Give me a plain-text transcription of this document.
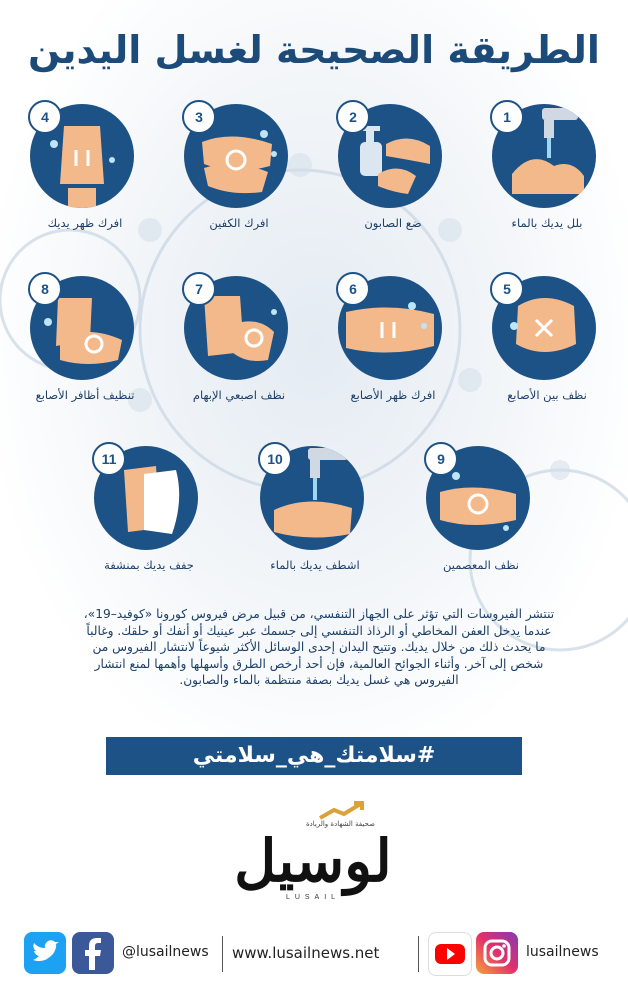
الطريقة الصحيحة لغسل اليدين
1
بلل يديك بالماء
2
ضع الصابون
3
افرك الكفين
4
افرك ظهر يديك
5
نظف بين الأصابع
6
افرك ظهر الأصابع
7
نظف اصبعي الإبهام
8
تنظيف أظافر الأصابع
9
نظف المعصمين
10
اشطف يديك بالماء
11
جفف يديك بمنشفة
تنتشر الفيروسات التي تؤثر على الجهاز التنفسي، من قبيل مرض فيروس كورونا «كوفيد–19»، عندما يدخل العفن المخاطي أو الرذاذ التنفسي إلى جسمك عبر عينيك أو أنفك أو حلقك. وغالباً ما يحدث ذلك من خلال يديك. وتتيح اليدان إحدى الوسائل الأكثر شيوعاً لانتشار الفيروس من شخص إلى آخر. وأثناء الجوائح العالمية، فإن أحد أرخص الطرق وأسهلها وأهمها لمنع انتشار الفيروس هي غسل يديك بصفة منتظمة بالماء والصابون.
#سلامتك_هي_سلامتي
صحيفة الشهادة والريادة
لوسيل
LUSAIL
@lusailnews www.lusailnews.net	lusailnews
